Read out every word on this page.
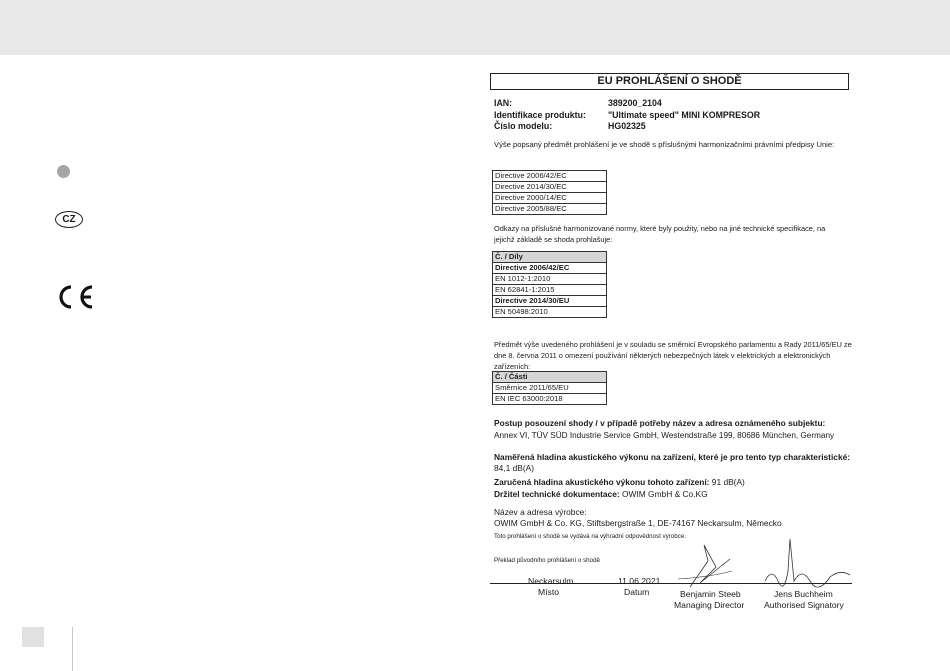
CZ
EU PROHLÁŠENÍ O SHODĚ
IAN:	389200_2104
Identifikace produktu:	"Ultimate speed" MINI KOMPRESOR
Číslo modelu:	HG02325
Výše popsaný předmět prohlášení je ve shodě s příslušnými harmonizačními právními předpisy Unie:
Directive 2006/42/EC
Directive 2014/30/EC
Directive 2000/14/EC
Directive 2005/88/EC
Odkazy na příslušné harmonizované normy, které byly použity, nebo na jiné technické specifikace, na jejichž základě se shoda prohlašuje:
Č. / Díly
Directive 2006/42/EC
EN 1012-1:2010
EN 62841-1:2015
Directive 2014/30/EU
EN 50498:2010
Předmět výše uvedeného prohlášení je v souladu se směrnicí Evropského parlamentu a Rady 2011/65/EU ze dne 8. června 2011 o omezení používání některých nebezpečných látek v elektrických a elektronických zařízeních:
Č. / Části
Směrnice 2011/65/EU
EN IEC 63000:2018
Postup posouzení shody / v případě potřeby název a adresa oznámeného subjektu:
Annex VI, TÜV SÜD Industrie Service GmbH, Westendstraße 199, 80686 München, Germany
Naměřená hladina akustického výkonu na zařízení, které je pro tento typ charakteristické: 84,1 dB(A)
Zaručená hladina akustického výkonu tohoto zařízení: 91 dB(A)
Držitel technické dokumentace: OWIM GmbH & Co.KG
Název a adresa výrobce:
OWIM GmbH & Co. KG, Stiftsbergstraße 1, DE-74167 Neckarsulm, Německo
Toto prohlášení o shodě se vydává na výhradní odpovědnost výrobce.
Překlad původního prohlášení o shodě
Neckarsulm
Místo
11.06.2021
Datum	Benjamin Steeb
Managing Director
Jens Buchheim
Authorised Signatory
